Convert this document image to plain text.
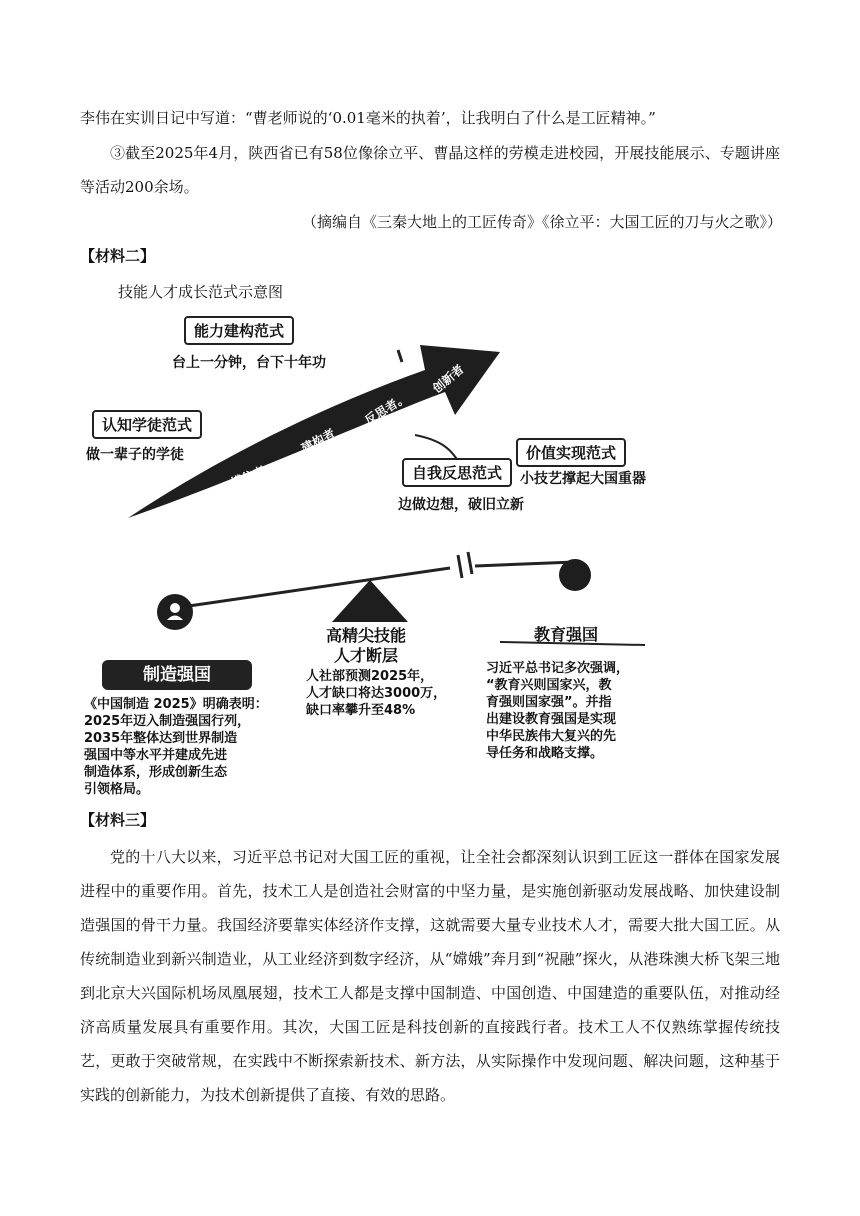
李伟在实训日记中写道：“曹老师说的‘0.01毫米的执着’，让我明白了什么是工匠精神。”
③截至2025年4月，陕西省已有58位像徐立平、曹晶这样的劳模走进校园，开展技能展示、专题讲座等活动200余场。
（摘编自《三秦大地上的工匠传奇》《徐立平：大国工匠的刀与火之歌》）
【材料二】
技能人才成长范式示意图
模仿者
建构者
反思者。
创新者
能力建构范式
台上一分钟，台下十年功
认知学徒范式
做一辈子的学徒	价值实现范式
小技艺撑起大国重器
自我反思范式
边做边想，破旧立新
制造强国
《中国制造 2025》明确表明：
2025年迈入制造强国行列，
2035年整体达到世界制造
强国中等水平并建成先进
制造体系，形成创新生态
引领格局。
高精尖技能
人才断层
人社部预测2025年，
人才缺口将达3000万，
缺口率攀升至48%
教育强国
习近平总书记多次强调，
“教育兴则国家兴，教
育强则国家强”。并指
出建设教育强国是实现
中华民族伟大复兴的先
导任务和战略支撑。
【材料三】
党的十八大以来，习近平总书记对大国工匠的重视，让全社会都深刻认识到工匠这一群体在国家发展进程中的重要作用。首先，技术工人是创造社会财富的中坚力量，是实施创新驱动发展战略、加快建设制造强国的骨干力量。我国经济要靠实体经济作支撑，这就需要大量专业技术人才，需要大批大国工匠。从传统制造业到新兴制造业，从工业经济到数字经济，从“嫦娥”奔月到“祝融”探火，从港珠澳大桥飞架三地到北京大兴国际机场凤凰展翅，技术工人都是支撑中国制造、中国创造、中国建造的重要队伍，对推动经济高质量发展具有重要作用。其次，大国工匠是科技创新的直接践行者。技术工人不仅熟练掌握传统技艺，更敢于突破常规，在实践中不断探索新技术、新方法，从实际操作中发现问题、解决问题，这种基于实践的创新能力，为技术创新提供了直接、有效的思路。
